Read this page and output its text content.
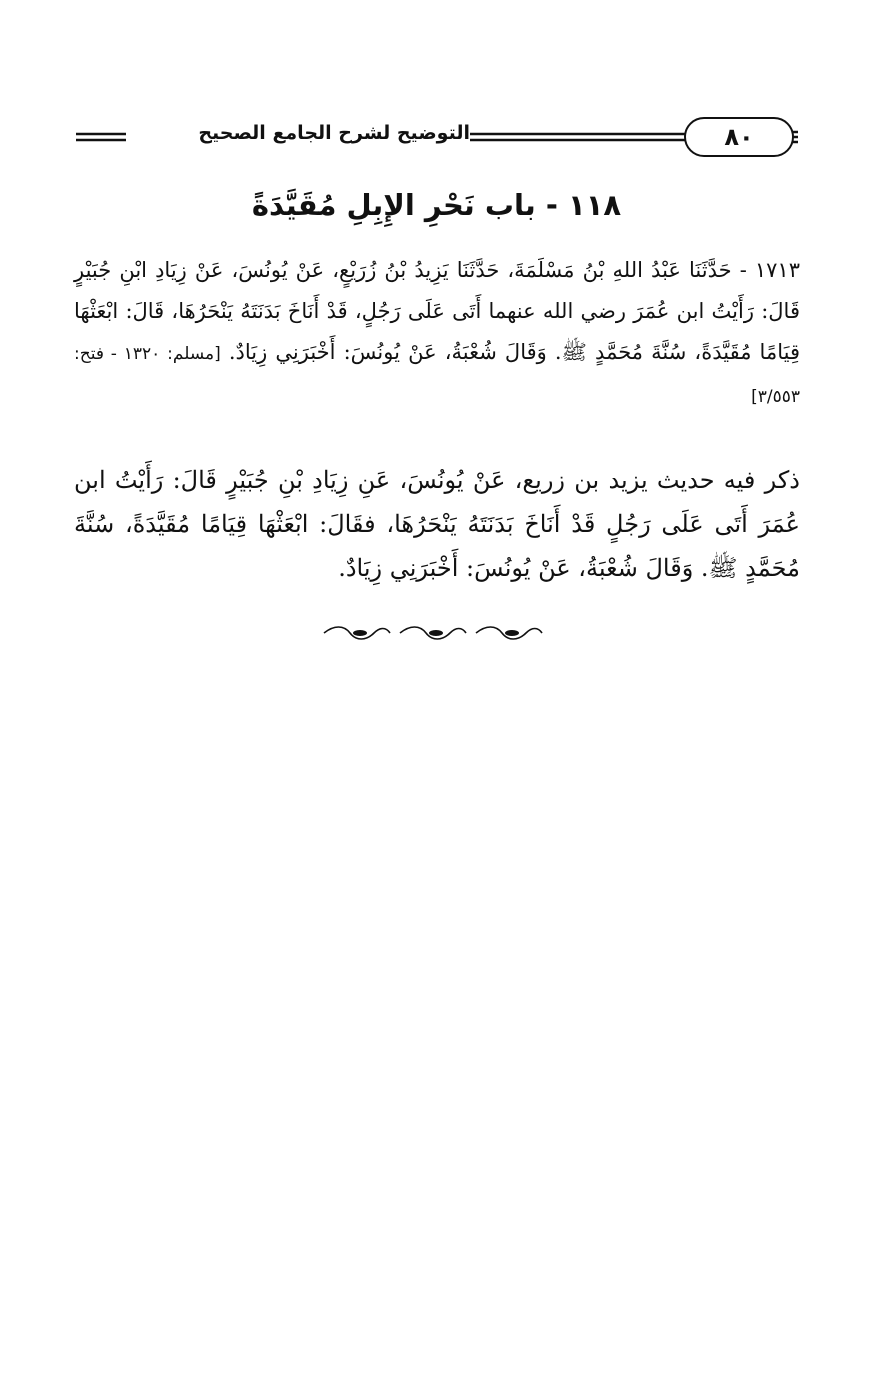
التوضيح لشرح الجامع الصحيح	٨٠
١١٨ - باب نَحْرِ الإِبِلِ مُقَيَّدَةً
١٧١٣ - حَدَّثَنَا عَبْدُ اللهِ بْنُ مَسْلَمَةَ، حَدَّثَنَا يَزِيدُ بْنُ زُرَيْعٍ، عَنْ يُونُسَ، عَنْ زِيَادِ ابْنِ جُبَيْرٍ قَالَ: رَأَيْتُ ابن عُمَرَ رضي الله عنهما أَتَى عَلَى رَجُلٍ، قَدْ أَنَاخَ بَدَنَتَهُ يَنْحَرُهَا، قَالَ: ابْعَثْهَا قِيَامًا مُقَيَّدَةً، سُنَّةَ مُحَمَّدٍ ﷺ. وَقَالَ شُعْبَةُ، عَنْ يُونُسَ: أَخْبَرَنِي زِيَادٌ. [مسلم: ١٣٢٠ - فتح: ٣/٥٥٣]
ذكر فيه حديث يزيد بن زريع، عَنْ يُونُسَ، عَنِ زِيَادِ بْنِ جُبَيْرٍ قَالَ: رَأَيْتُ ابن عُمَرَ أَتَى عَلَى رَجُلٍ قَدْ أَنَاخَ بَدَنَتَهُ يَنْحَرُهَا، فقَالَ: ابْعَثْهَا قِيَامًا مُقَيَّدَةً، سُنَّةَ مُحَمَّدٍ ﷺ. وَقَالَ شُعْبَةُ، عَنْ يُونُسَ: أَخْبَرَنِي زِيَادٌ.
